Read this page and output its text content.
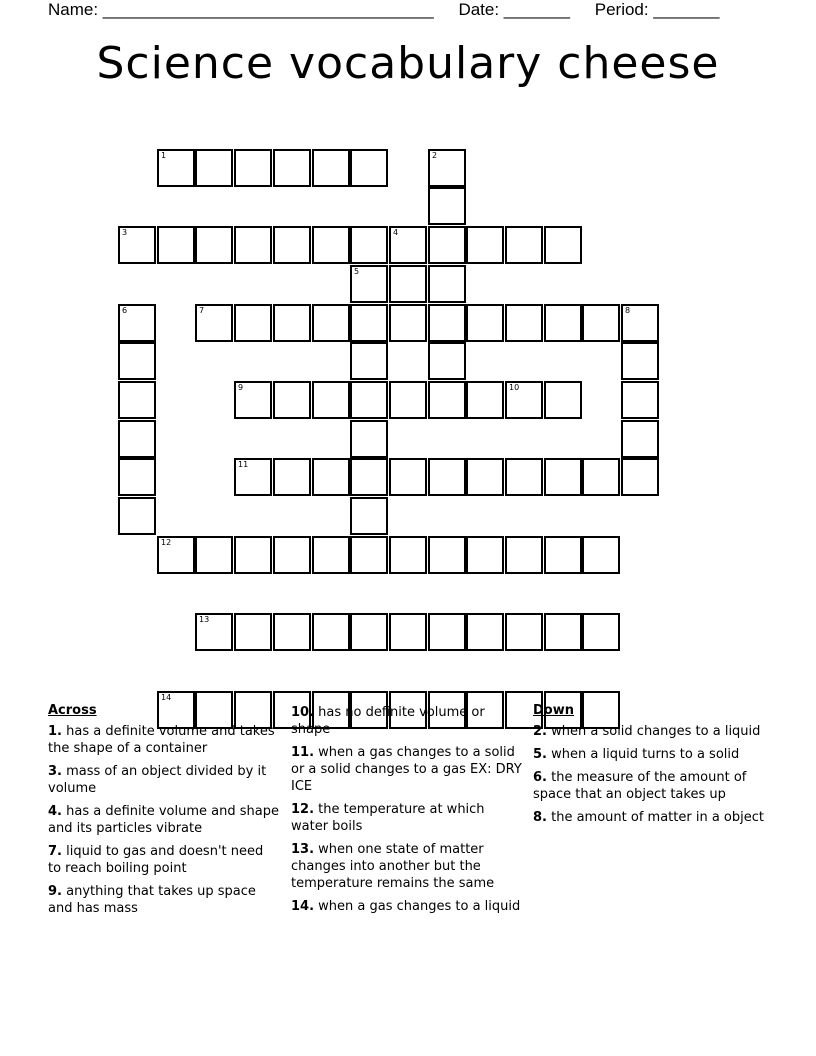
Name: ___________________________________ Date: _______ Period: _______
Science vocabulary cheese
1	2
3	4
5
6	7	8
9	10
11
12
13
14
Across
1. has a definite volume and takes the shape of a container
3. mass of an object divided by it volume
4. has a definite volume and shape and its particles vibrate
7. liquid to gas and doesn't need to reach boiling point
9. anything that takes up space and has mass
10. has no definite volume or shape
11. when a gas changes to a solid or a solid changes to a gas EX: DRY ICE
12. the temperature at which water boils
13. when one state of matter changes into another but the temperature remains the same
14. when a gas changes to a liquid
Down
2. when a solid changes to a liquid
5. when a liquid turns to a solid
6. the measure of the amount of space that an object takes up
8. the amount of matter in a object
